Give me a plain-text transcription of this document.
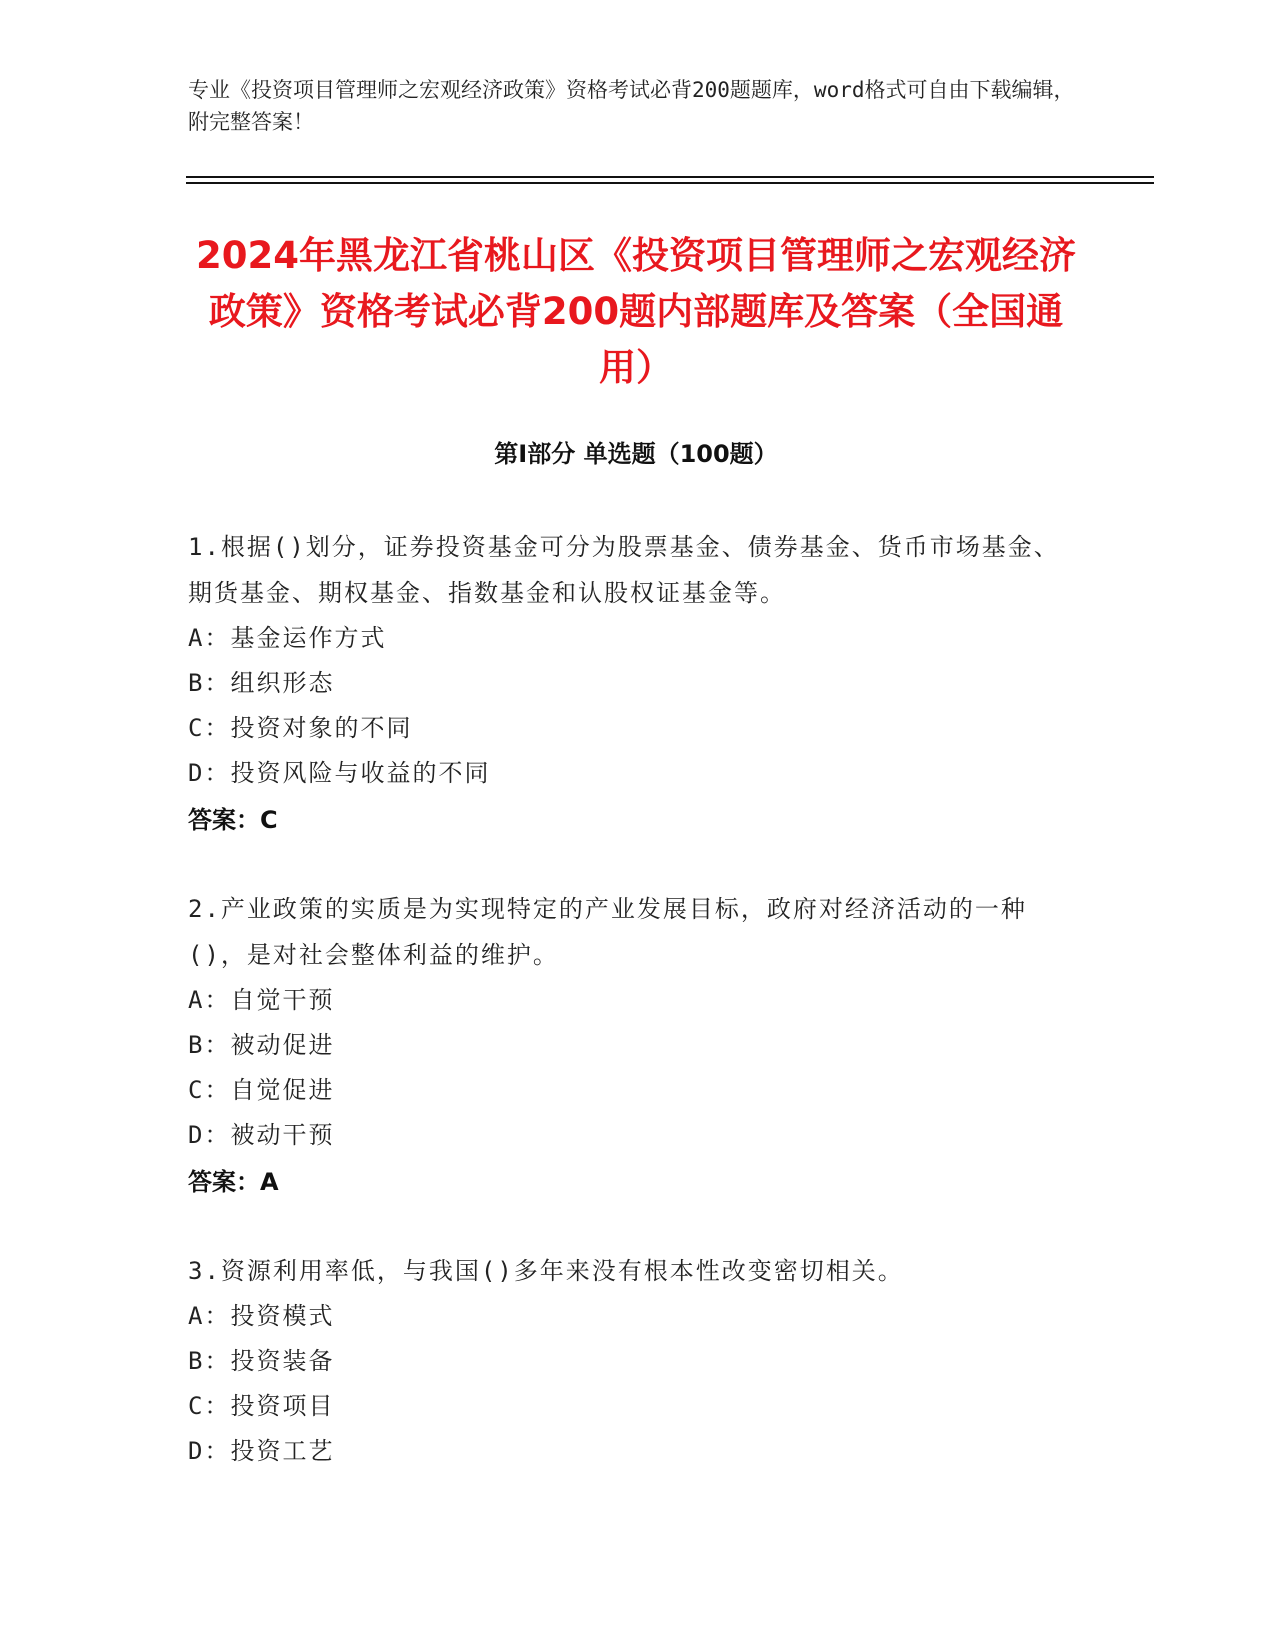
专业《投资项目管理师之宏观经济政策》资格考试必背200题题库，word格式可自由下载编辑，附完整答案！
2024年黑龙江省桃山区《投资项目管理师之宏观经济政策》资格考试必背200题内部题库及答案（全国通用）
第Ⅰ部分 单选题（100题）

1.根据()划分，证券投资基金可分为股票基金、债券基金、货币市场基金、期货基金、期权基金、指数基金和认股权证基金等。

A：基金运作方式

B：组织形态

C：投资对象的不同

D：投资风险与收益的不同

答案：C

2.产业政策的实质是为实现特定的产业发展目标，政府对经济活动的一种()，是对社会整体利益的维护。

A：自觉干预

B：被动促进

C：自觉促进

D：被动干预

答案：A

3.资源利用率低，与我国()多年来没有根本性改变密切相关。

A：投资模式

B：投资装备

C：投资项目

D：投资工艺
